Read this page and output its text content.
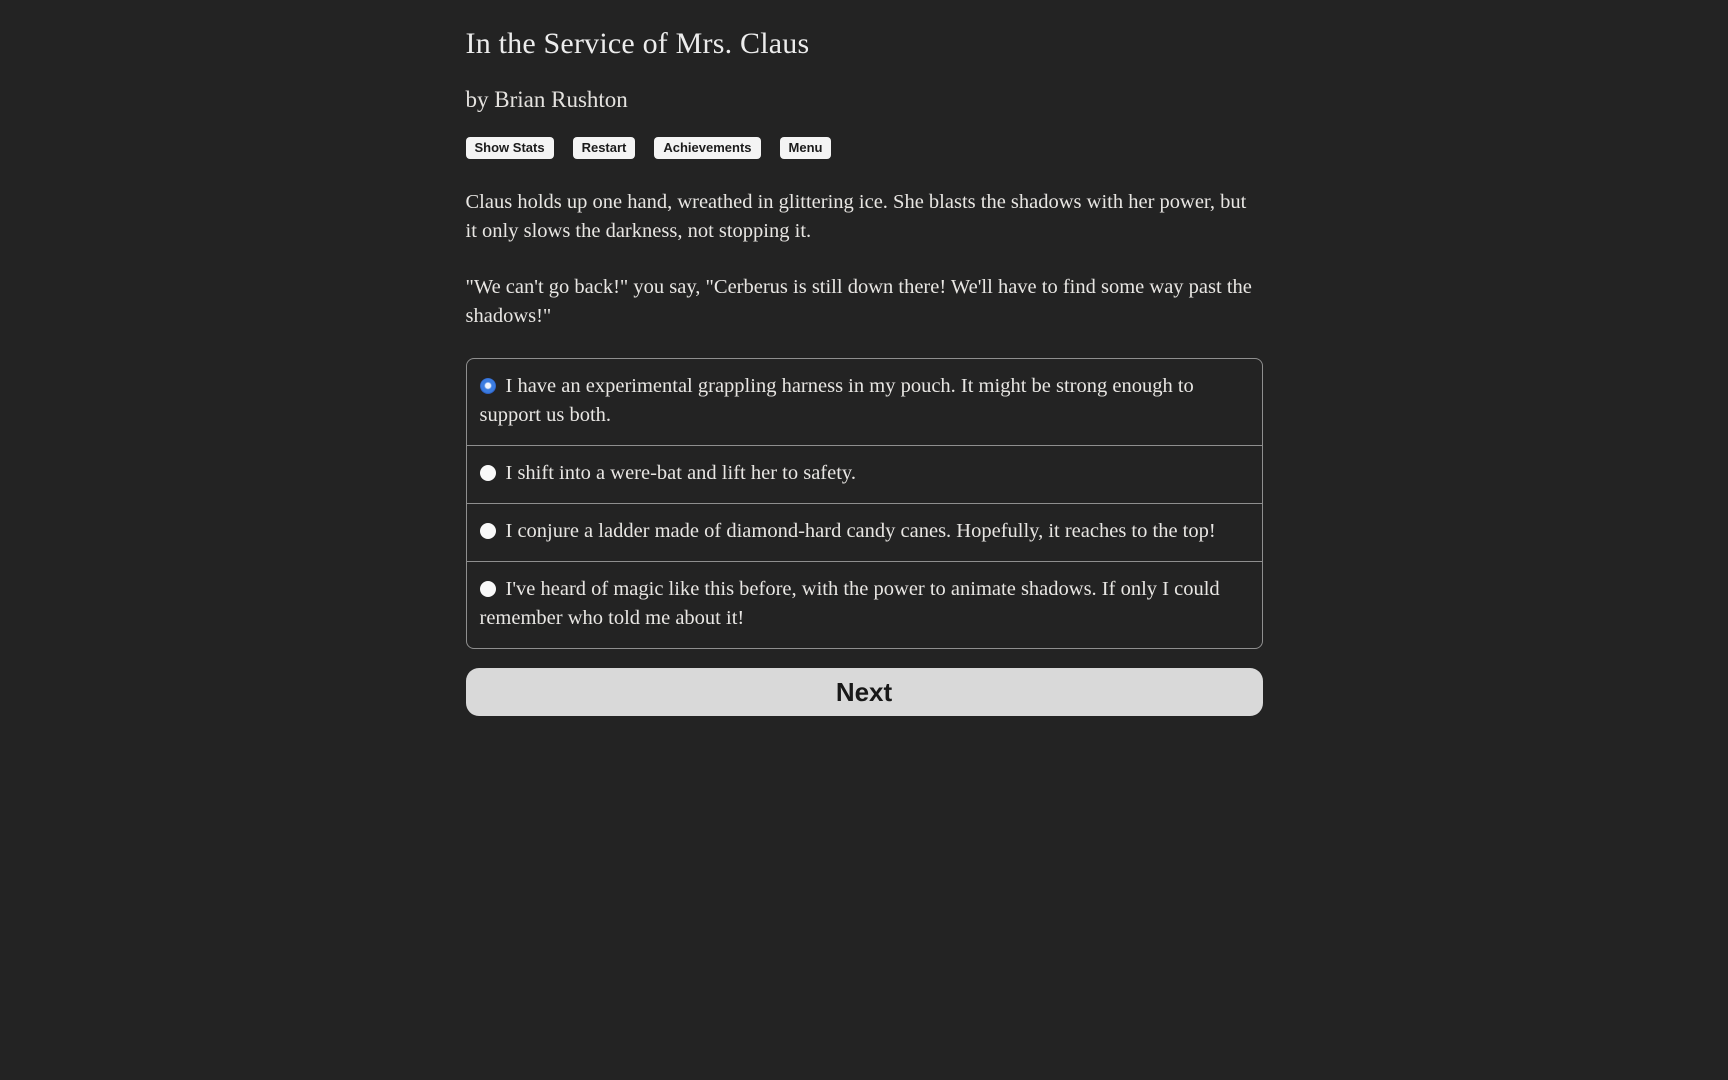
In the Service of Mrs. Claus
by Brian Rushton
Show Stats	Restart	Achievements	Menu

Claus holds up one hand, wreathed in glittering ice. She blasts the shadows with her power, but it only slows the darkness, not stopping it.

"We can't go back!" you say, "Cerberus is still down there! We'll have to find some way past the shadows!"

I have an experimental grappling harness in my pouch. It might be strong enough to support us both.
I shift into a were-bat and lift her to safety.
I conjure a ladder made of diamond-hard candy canes. Hopefully, it reaches to the top!
I've heard of magic like this before, with the power to animate shadows. If only I could remember who told me about it!
Next
